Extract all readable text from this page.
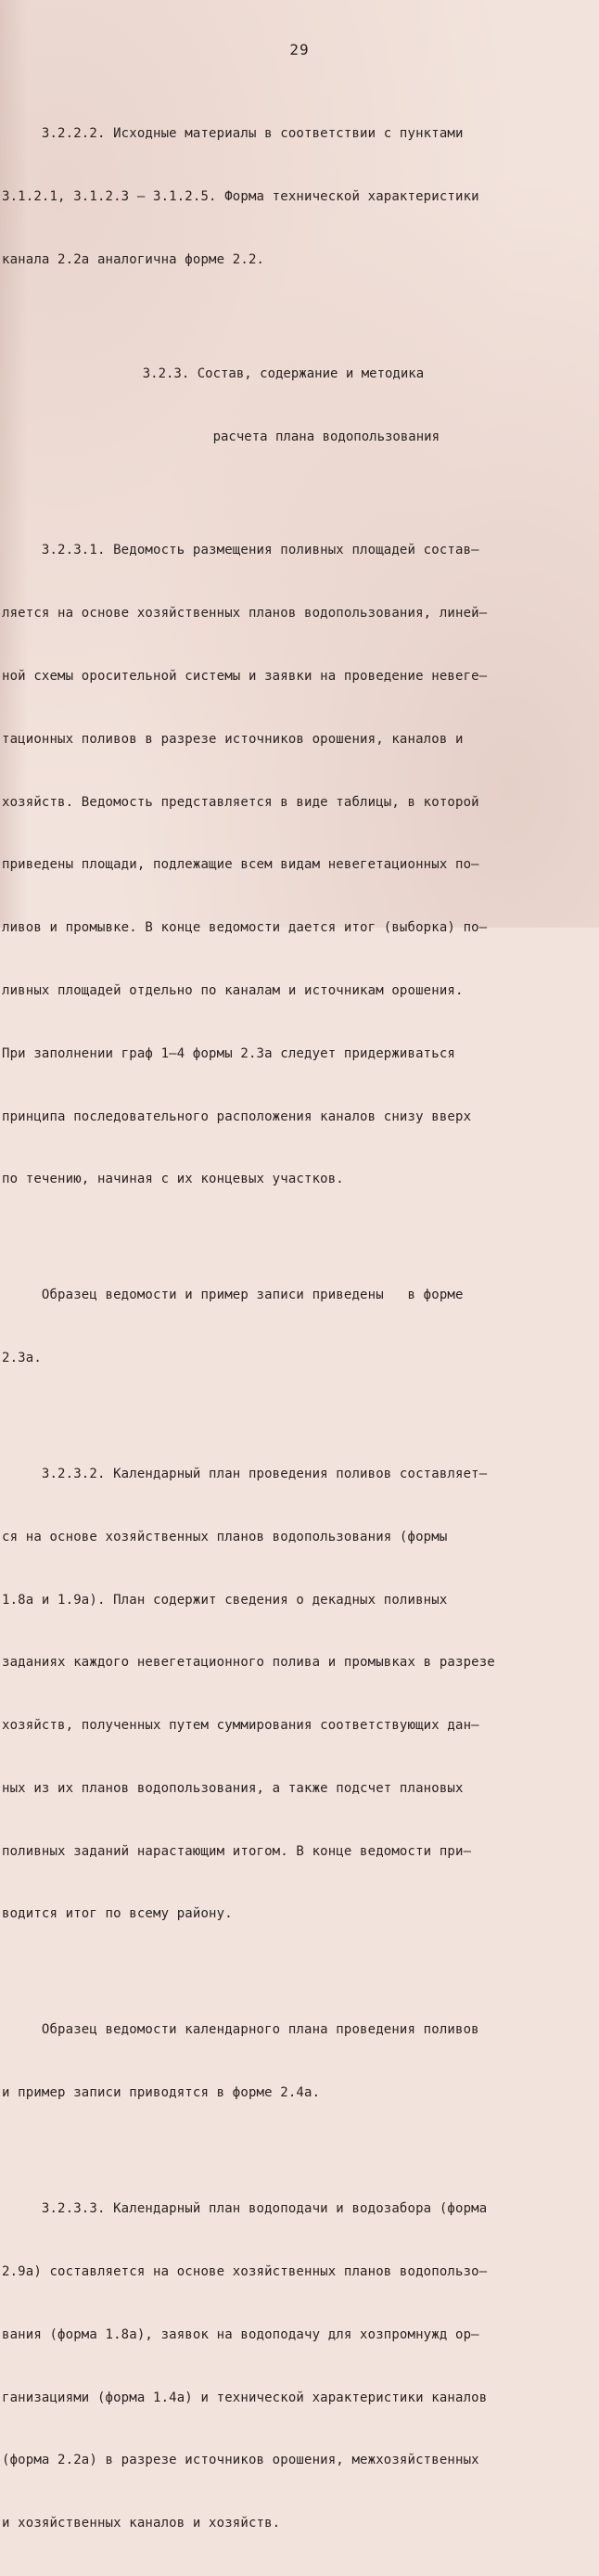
29

3.2.2.2. Исходные материалы в соответствии с пунктами

3.1.2.1, 3.1.2.3 — 3.1.2.5. Форма технической характеристики

канала 2.2а аналогична форме 2.2.

3.2.3. Состав, содержание и методика

расчета плана водопользования

3.2.3.1. Ведомость размещения поливных площадей состав–

ляется на основе хозяйственных планов водопользования, линей–

ной схемы оросительной системы и заявки на проведение невеге–

тационных поливов в разрезе источников орошения, каналов и

хозяйств. Ведомость представляется в виде таблицы, в которой

приведены площади, подлежащие всем видам невегетационных по–

ливов и промывке. В конце ведомости дается итог (выборка) по–

ливных площадей отдельно по каналам и источникам орошения.

При заполнении граф 1–4 формы 2.3а следует придерживаться

принципа последовательного расположения каналов снизу вверх

по течению, начиная с их концевых участков.

Образец ведомости и пример записи приведены   в форме

2.3а.

3.2.3.2. Календарный план проведения поливов составляет–

ся на основе хозяйственных планов водопользования (формы

1.8а и 1.9а). План содержит сведения о декадных поливных

заданиях каждого невегетационного полива и промывках в разрезе

хозяйств, полученных путем суммирования соответствующих дан–

ных из их планов водопользования, а также подсчет плановых

поливных заданий нарастающим итогом. В конце ведомости при–

водится итог по всему району.

Образец ведомости календарного плана проведения поливов

и пример записи приводятся в форме 2.4а.

3.2.3.3. Календарный план водоподачи и водозабора (форма

2.9а) составляется на основе хозяйственных планов водопользо–

вания (форма 1.8а), заявок на водоподачу для хозпромнужд ор–

ганизациями (форма 1.4а) и технической характеристики каналов

(форма 2.2а) в разрезе источников орошения, межхозяйственных

и хозяйственных каналов и хозяйств.
